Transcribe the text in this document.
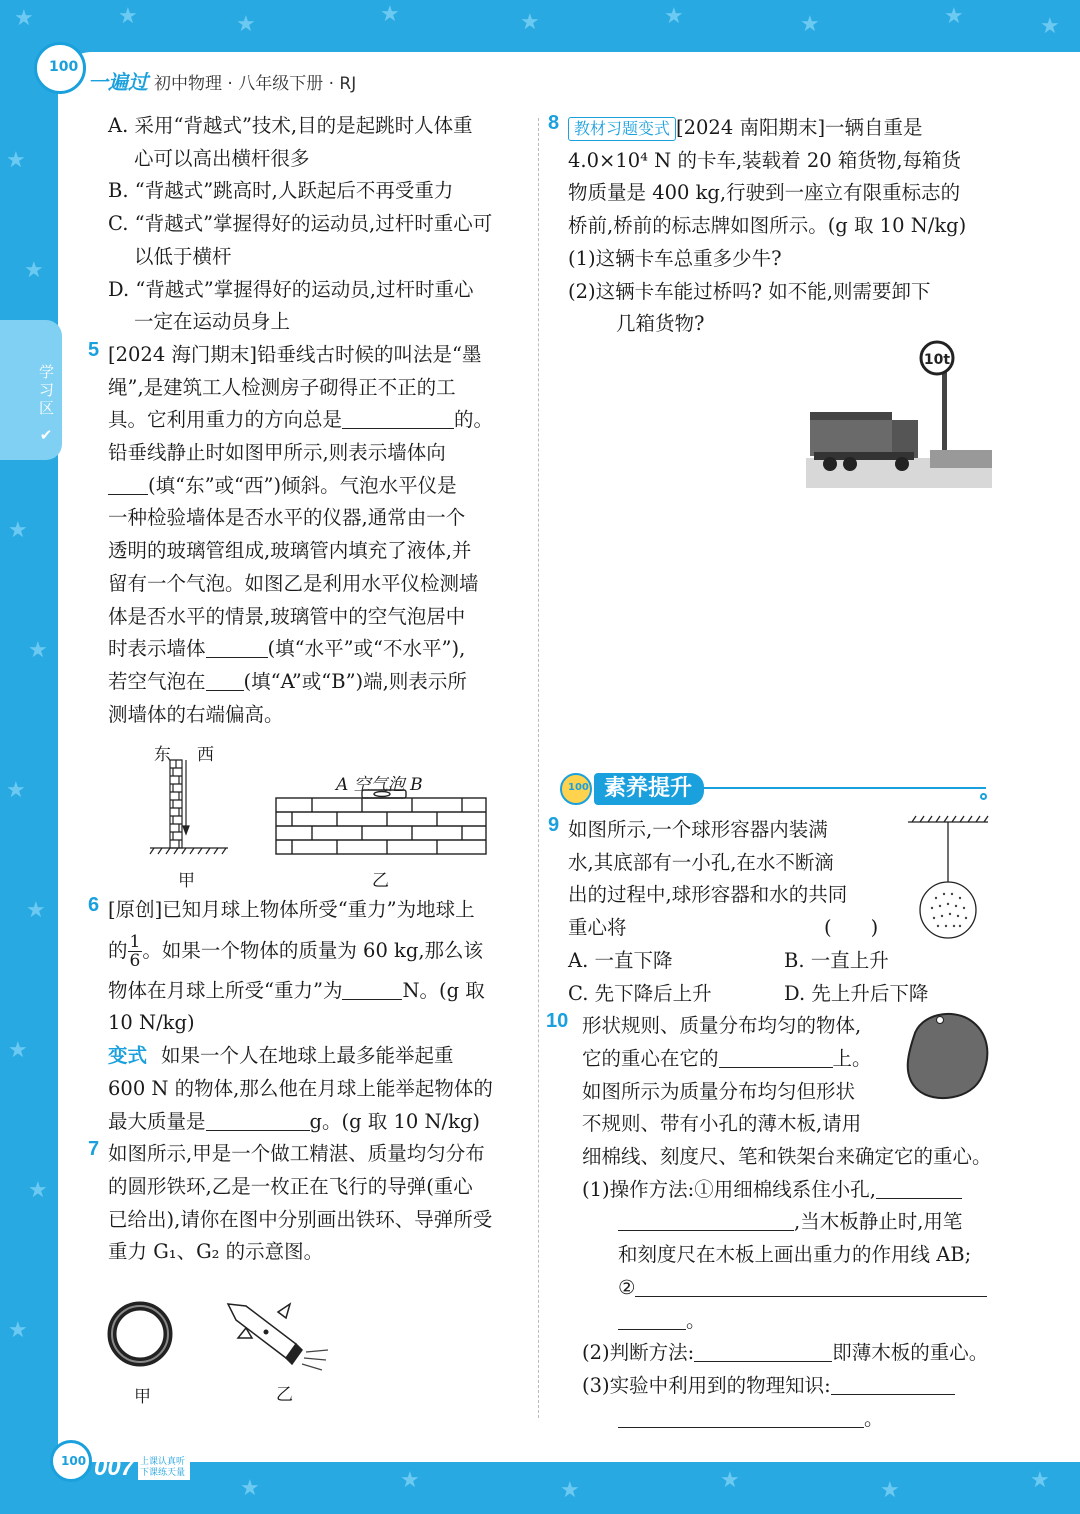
★	★	★	★	★	★	★	★	★
★
★
★
★
★
★
★
★
★
★	★	★	★	★	★
100
一遍过 初中物理 · 八年级下册 · RJ
学习区 ✔

A. 采用“背越式”技术,目的是起跳时人体重

心可以高出横杆很多

B. “背越式”跳高时,人跃起后不再受重力

C. “背越式”掌握得好的运动员,过杆时重心可

以低于横杆

D. “背越式”掌握得好的运动员,过杆时重心

一定在运动员身上

5 [2024 海门期末]铅垂线古时候的叫法是“墨

绳”,是建筑工人检测房子砌得正不正的工

具。它利用重力的方向总是	的。

铅垂线静止时如图甲所示,则表示墙体向

(填“东”或“西”)倾斜。气泡水平仪是

一种检验墙体是否水平的仪器,通常由一个

透明的玻璃管组成,玻璃管内填充了液体,并

留有一个气泡。如图乙是利用水平仪检测墙

体是否水平的情景,玻璃管中的空气泡居中

时表示墙体	(填“水平”或“不水平”),

若空气泡在 (填“A”或“B”)端,则表示所

测墙体的右端偏高。

东 西
A 空气泡 B
甲	乙

6 [原创]已知月球上物体所受“重力”为地球上

的 $\frac{1}{6}$ 。如果一个物体的质量为 60 kg,那么该

物体在月球上所受“重力”为	N。(g 取

10 N/kg)

变式 如果一个人在地球上最多能举起重

600 N 的物体,那么他在月球上能举起物体的

最大质量是	g。(g 取 10 N/kg)

7 如图所示,甲是一个做工精湛、质量均匀分布

的圆形铁环,乙是一枚正在飞行的导弹(重心

已给出),请你在图中分别画出铁环、导弹所受

重力 G₁、G₂ 的示意图。

甲	乙

8 教材习题变式 [2024 南阳期末]一辆自重是

4.0×10⁴ N 的卡车,装载着 20 箱货物,每箱货

物质量是 400 kg,行驶到一座立有限重标志的

桥前,桥前的标志牌如图所示。(g 取 10 N/kg)

(1)这辆卡车总重多少牛?

(2)这辆卡车能过桥吗? 如不能,则需要卸下

几箱货物?

10t
100 素养提升

9 如图所示,一个球形容器内装满

水,其底部有一小孔,在水不断滴

出的过程中,球形容器和水的共同

重心将	(　　)

A. 一直下降	B. 一直上升

C. 先下降后上升	D. 先上升后下降

10 形状规则、质量分布均匀的物体,

它的重心在它的	上。

如图所示为质量分布均匀但形状

不规则、带有小孔的薄木板,请用

细棉线、刻度尺、笔和铁架台来确定它的重心。

(1)操作方法:①用细棉线系住小孔,

,当木板静止时,用笔

和刻度尺在木板上画出重力的作用线 AB;

②

。

(2)判断方法:	即薄木板的重心。

(3)实验中利用到的物理知识:

。

100 007 上课认真听 下课练天量
